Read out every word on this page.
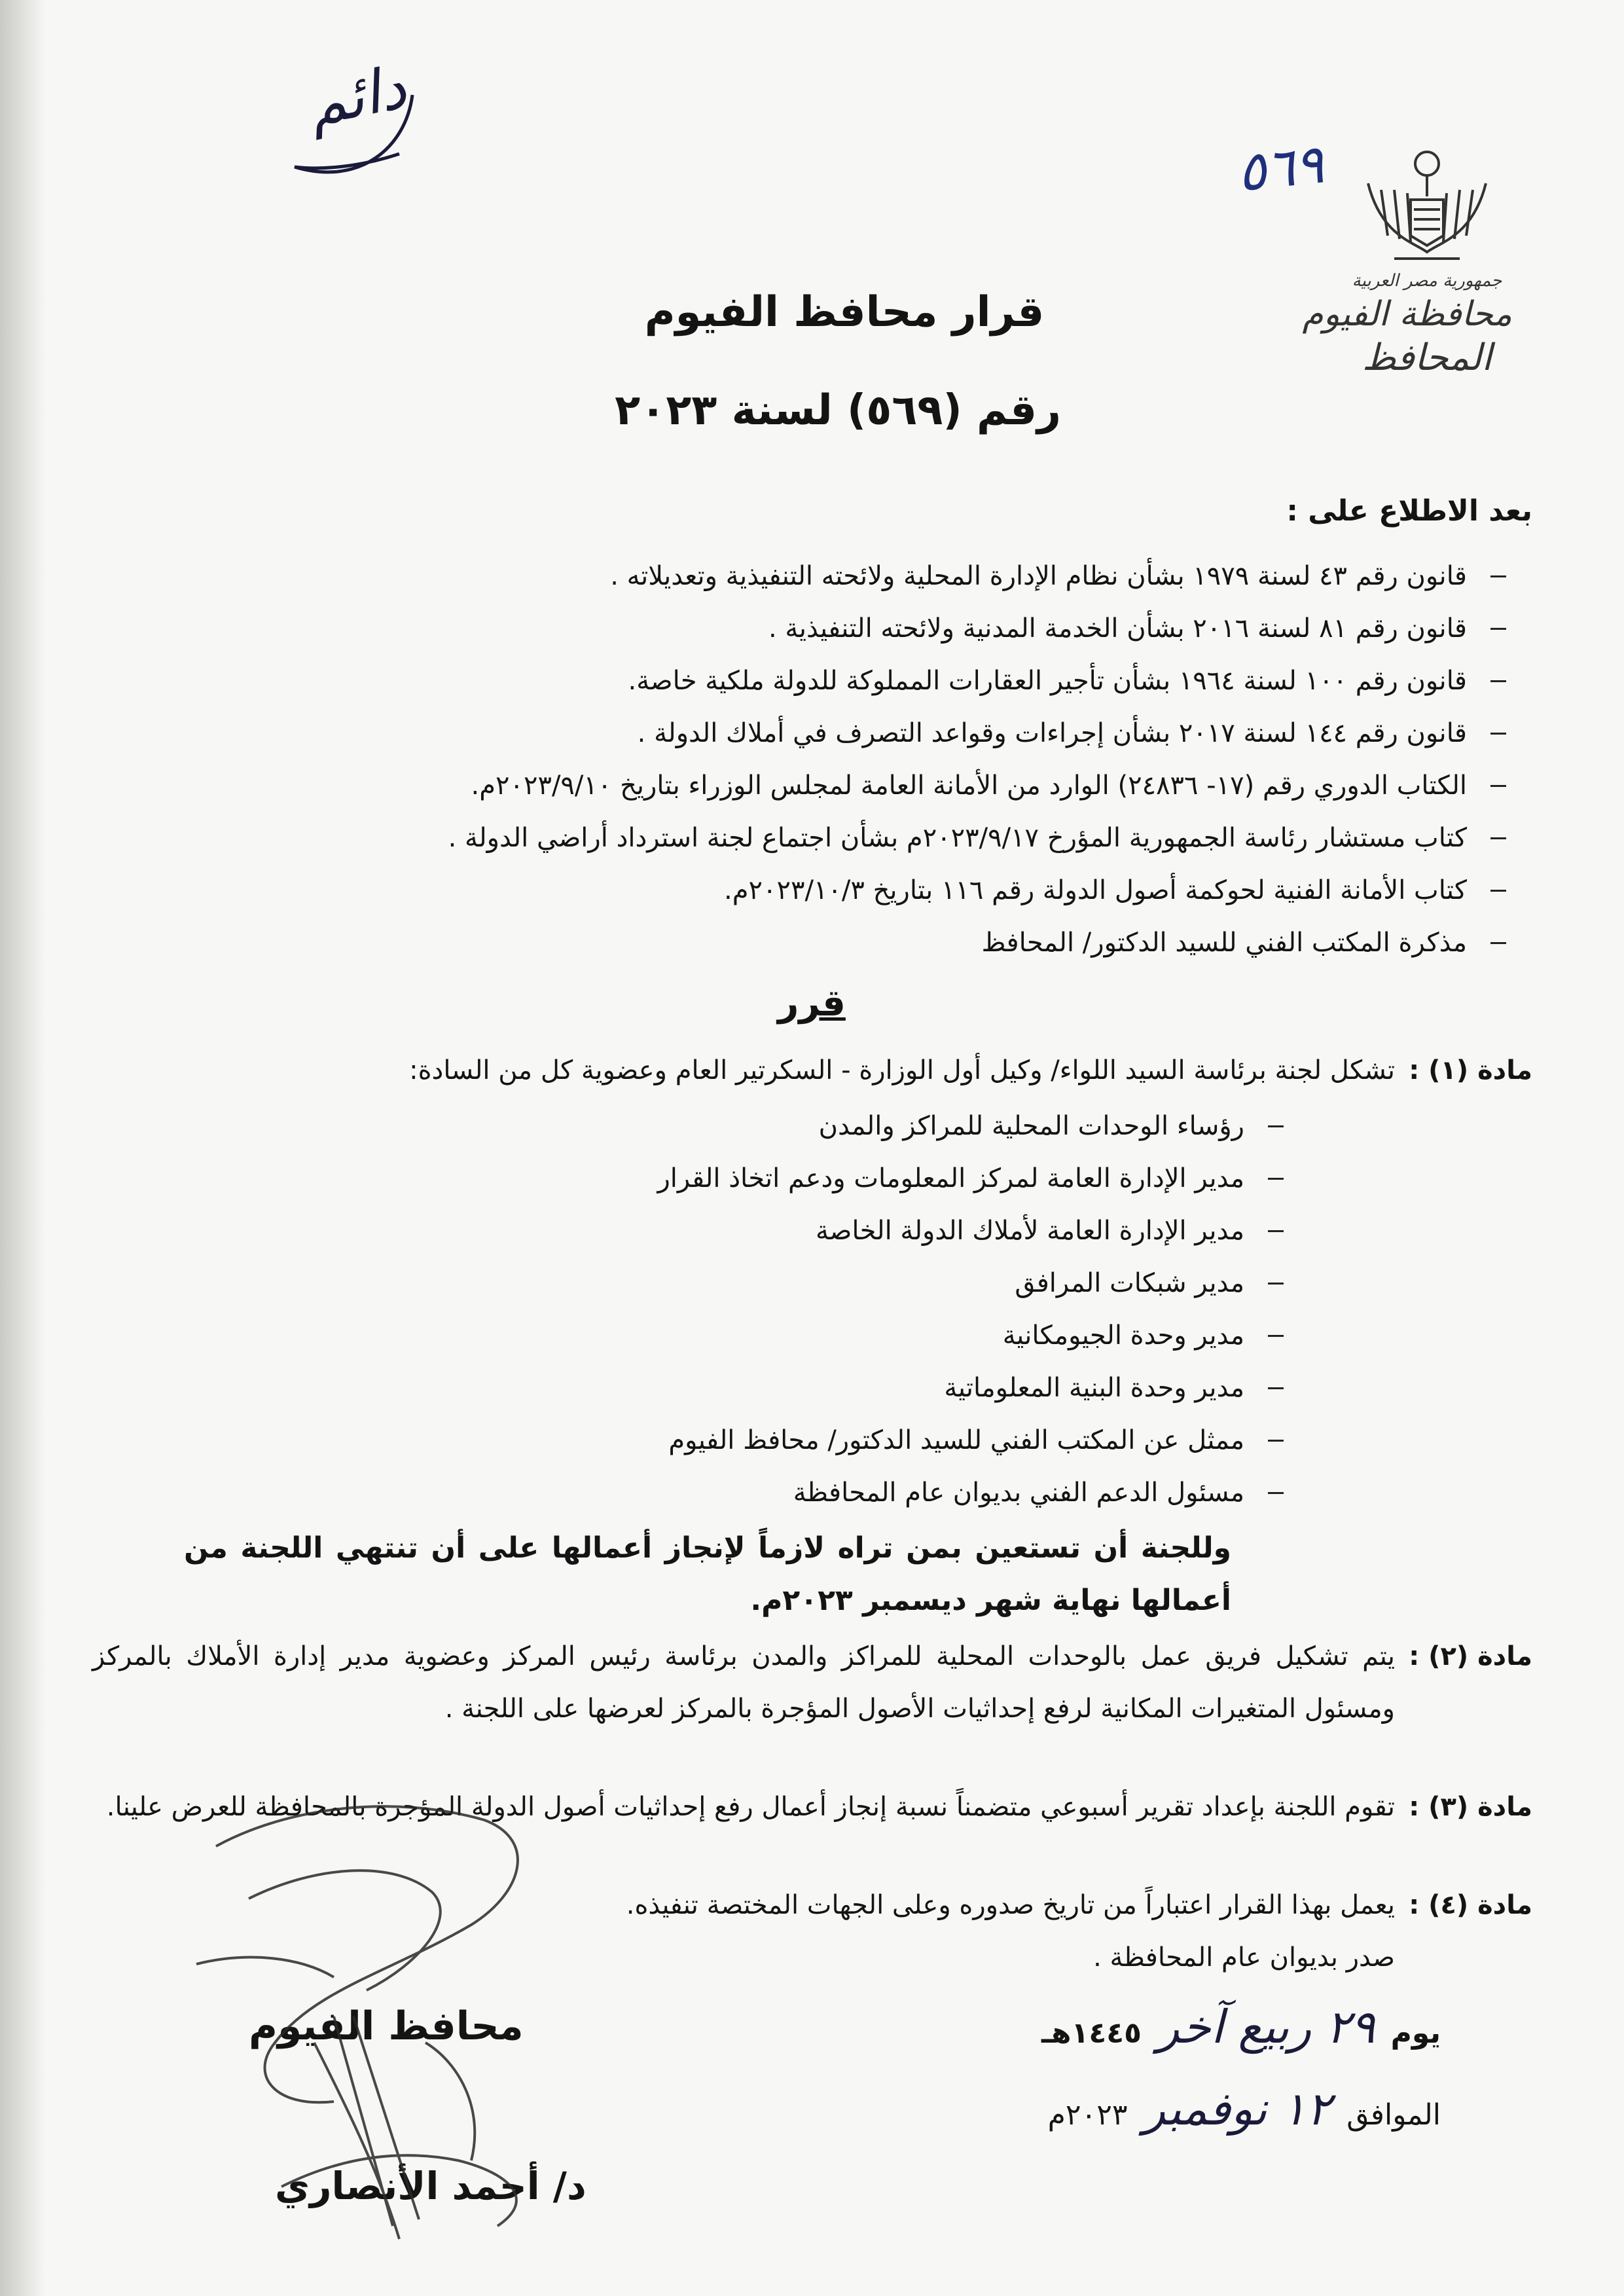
دائم
٥٦٩
جمهورية مصر العربية
محافظة الفيوم
المحافظ
قرار محافظ الفيوم
رقم (٥٦٩) لسنة ٢٠٢٣
بعد الاطلاع على :
قانون رقم ٤٣ لسنة ١٩٧٩ بشأن نظام الإدارة المحلية ولائحته التنفيذية وتعديلاته .
قانون رقم ٨١ لسنة ٢٠١٦ بشأن الخدمة المدنية ولائحته التنفيذية .
قانون رقم ١٠٠ لسنة ١٩٦٤ بشأن تأجير العقارات المملوكة للدولة ملكية خاصة.
قانون رقم ١٤٤ لسنة ٢٠١٧ بشأن إجراءات وقواعد التصرف في أملاك الدولة .
الكتاب الدوري رقم (١٧- ٢٤٨٣٦) الوارد من الأمانة العامة لمجلس الوزراء بتاريخ ٢٠٢٣/٩/١٠م.
كتاب مستشار رئاسة الجمهورية المؤرخ ٢٠٢٣/٩/١٧م بشأن اجتماع لجنة استرداد أراضي الدولة .
كتاب الأمانة الفنية لحوكمة أصول الدولة رقم ١١٦ بتاريخ ٢٠٢٣/١٠/٣م.
مذكرة المكتب الفني للسيد الدكتور/ المحافظ
قرر
مادة (١) :
تشكل لجنة برئاسة السيد اللواء/ وكيل أول الوزارة - السكرتير العام وعضوية كل من السادة:
رؤساء الوحدات المحلية للمراكز والمدن
مدير الإدارة العامة لمركز المعلومات ودعم اتخاذ القرار
مدير الإدارة العامة لأملاك الدولة الخاصة
مدير شبكات المرافق
مدير وحدة الجيومكانية
مدير وحدة البنية المعلوماتية
ممثل عن المكتب الفني للسيد الدكتور/ محافظ الفيوم
مسئول الدعم الفني بديوان عام المحافظة
وللجنة أن تستعين بمن تراه لازماً لإنجاز أعمالها على أن تنتهي اللجنة من أعمالها نهاية شهر ديسمبر ٢٠٢٣م.
مادة (٢) :
يتم تشكيل فريق عمل بالوحدات المحلية للمراكز والمدن برئاسة رئيس المركز وعضوية مدير إدارة الأملاك بالمركز ومسئول المتغيرات المكانية لرفع إحداثيات الأصول المؤجرة بالمركز لعرضها على اللجنة .
مادة (٣) :
تقوم اللجنة بإعداد تقرير أسبوعي متضمناً نسبة إنجاز أعمال رفع إحداثيات أصول الدولة المؤجرة بالمحافظة للعرض علينا.
مادة (٤) :
يعمل بهذا القرار اعتباراً من تاريخ صدوره وعلى الجهات المختصة تنفيذه.
صدر بديوان عام المحافظة .
يوم
٢٩ ربيع آخر
١٤٤٥هـ
الموافق
١٢ نوفمبر
٢٠٢٣م
محافظ الفيوم
د/ أحمد الأنصاري
